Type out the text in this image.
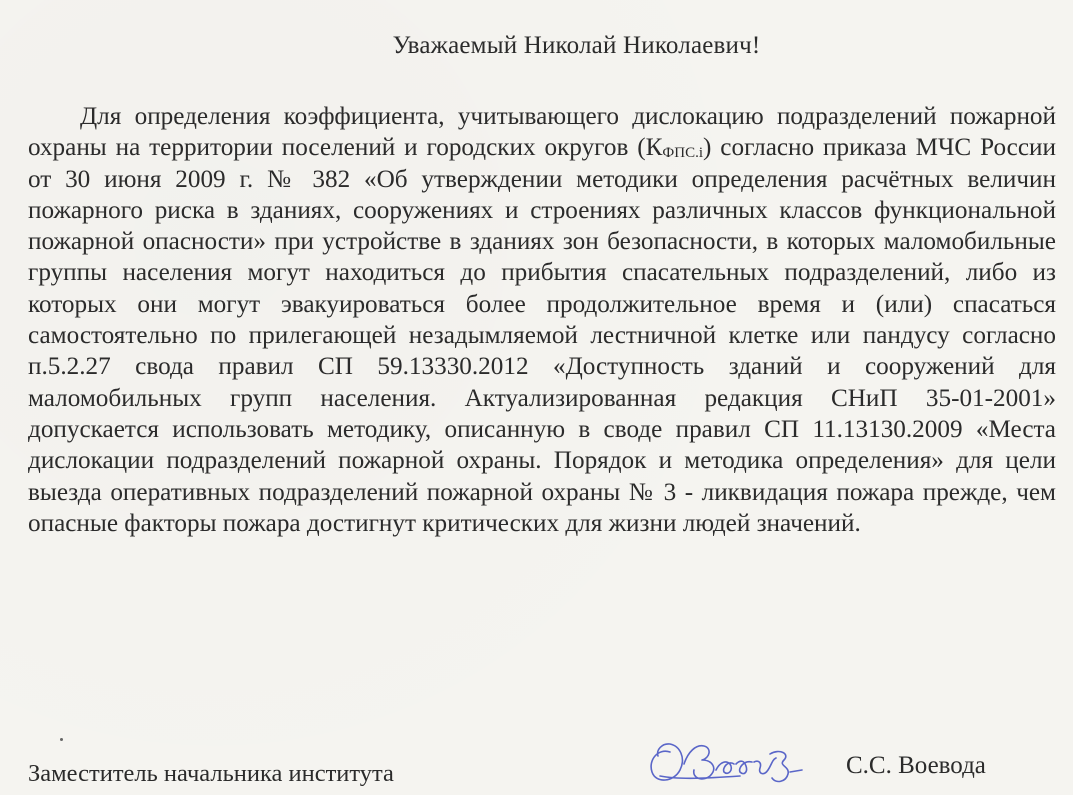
Уважаемый Николай Николаевич!

Для определения коэффициента, учитывающего дислокацию подразделений пожарной охраны на территории поселений и городских округов $(К_{ФПС.i})$ согласно приказа МЧС России от 30 июня 2009 г. № 382 «Об утверждении методики определения расчётных величин пожарного риска в зданиях, сооружениях и строениях различных классов функциональной пожарной опасности» при устройстве в зданиях зон безопасности, в которых маломобильные группы населения могут находиться до прибытия спасательных подразделений, либо из которых они могут эвакуироваться более продолжительное время и (или) спасаться самостоятельно по прилегающей незадымляемой лестничной клетке или пандусу согласно п.5.2.27 свода правил СП 59.13330.2012 «Доступность зданий и сооружений для маломобильных групп населения. Актуализированная редакция СНиП 35-01-2001» допускается использовать методику, описанную в своде правил СП 11.13130.2009 «Места дислокации подразделений пожарной охраны. Порядок и методика определения» для цели выезда оперативных подразделений пожарной охраны № 3 - ликвидация пожара прежде, чем опасные факторы пожара достигнут критических для жизни людей значений.

Заместитель начальника института	С.С. Воевода
